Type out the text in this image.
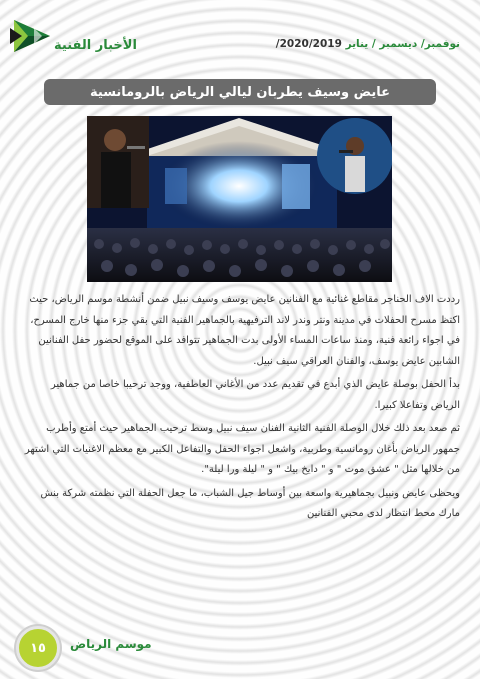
الأخبار الفنية	نوفمبر/ ديسمبر / يناير 2020/2019/
عايض وسيف يطربان ليالي الرياض بالرومانسية

رددت الاف الحناجر مقاطع غنائية مع الفنانين عايض يوسف وسيف نبيل ضمن أنشطة موسم الرياض، حيث اكتظ مسرح الحفلات في مدينة ونتر وندر لاند الترفيهية بالجماهير الفنية التي بقي جزء منها خارج المسرح، في اجواء رائعة فنية، ومنذ ساعات المساء الأولى بدت الجماهير تتوافد على الموقع لحضور حفل الفنانين الشابين عايض يوسف، والفنان العراقي سيف نبيل.

بدأ الحفل بوصلة عايض الذي أبدع في تقديم عدد من الأغاني العاطفية، ووجد ترحيبا خاصا من جماهير الرياض وتفاعلا كبيرا.

ثم صعد بعد ذلك خلال الوصلة الفنية الثانية الفنان سيف نبيل وسط ترحيب الجماهير حيث أمتع وأطرب جمهور الرياض بأغان رومانسية وطربية، واشعل اجواء الحفل والتفاعل الكبير مع معظم الاغنيات التي اشتهر من خلالها مثل " عشق موت " و " دايخ بيك " و " ليلة ورا ليلة".

ويحظى عايض ونبيل بجماهيرية واسعة بين أوساط جيل الشباب، ما جعل الحفلة التي نظمته شركة بنش مارك محط انتظار لدى محبي الفنانين

١٥	موسم الرياض
